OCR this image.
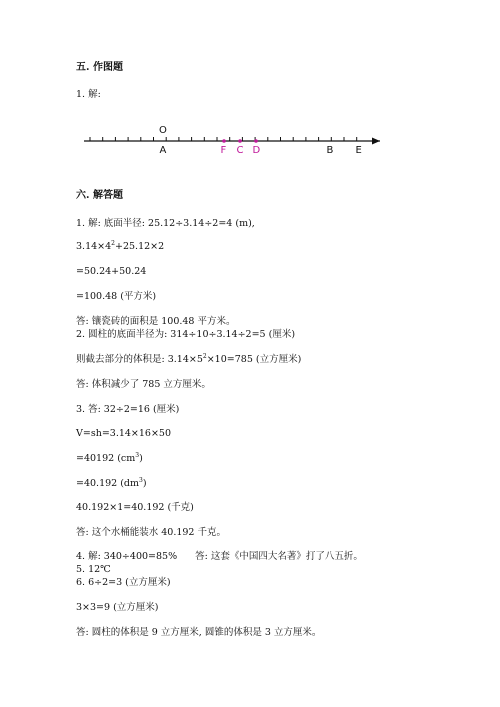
五. 作图题
1. 解:
A	F C D	B E
O
六. 解答题
1. 解: 底面半径: 25.12÷3.14÷2=4 (m),
$3.14\times 4^2+25.12\times 2$
=50.24+50.24
=100.48 (平方米)
答: 镶瓷砖的面积是 100.48 平方米。
2. 圆柱的底面半径为: 314÷10÷3.14÷2=5 (厘米)
则截去部分的体积是: $3.14\times 5^2\times 10=785$ (立方厘米)
答: 体积减少了 785 立方厘米。
3. 答: 32÷2=16 (厘米)
V=sh=3.14×16×50
=40192 $(cm^3)$
=40.192 $(dm^3)$
40.192×1=40.192 (千克)
答: 这个水桶能装水 40.192 千克。
4. 解: 340÷400=85% 答: 这套《中国四大名著》打了八五折。
5. 12℃
6. 6÷2=3 (立方厘米)
3×3=9 (立方厘米)
答: 圆柱的体积是 9 立方厘米, 圆锥的体积是 3 立方厘米。
